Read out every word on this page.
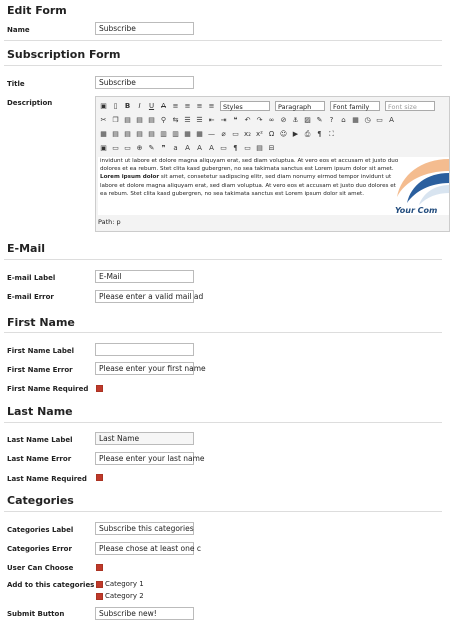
Edit Form
Name	Subscribe
Subscription Form
Title	Subscribe
Description	▣ ▯	B	I	U	A ≡ ≡ ≡ ≡	Styles	Paragraph	Font family	Font size
✂ ❐ ▤ ▤ ▤ ⚲ ⇆ ☰ ☰ ⇤ ⇥	❝	↶ ↷ ∞ ⊘ ⚓ ▨ ✎	?	⌂ ▦ ◷ ▭ A
▦ ▤ ▤ ▤ ▤ ▥ ▥ ▦ ▦ — ⌀ ▭ x₂ x² Ω ☺ ▶ ⎙ ¶	⛶
▣ ▭ ▭ ⊕ ✎	❞	a	A	A	A ▭ ¶ ▭ ▤ ⊟
invidunt ut labore et dolore magna aliquyam erat, sed diam voluptua. At vero eos et accusam et justo duo dolores et ea rebum. Stet clita kasd gubergren, no sea takimata sanctus est Lorem ipsum dolor sit amet. Lorem ipsum dolor sit amet, consetetur sadipscing elitr, sed diam nonumy eirmod tempor invidunt ut labore et dolore magna aliquyam erat, sed diam voluptua. At vero eos et accusam et justo duo dolores et ea rebum. Stet clita kasd gubergren, no sea takimata sanctus est Lorem ipsum dolor sit amet.
Your Com
Path: p
E-Mail
E-mail Label	E-Mail
E-mail Error	Please enter a valid mail ad
First Name
First Name Label
First Name Error	Please enter your first name
First Name Required
Last Name
Last Name Label	Last Name
Last Name Error	Please enter your last name
Last Name Required
Categories
Categories Label	Subscribe this categories
Categories Error	Please chose at least one c
User Can Choose
Add to this categories Category 1
Category 2
Submit Button	Subscribe new!
